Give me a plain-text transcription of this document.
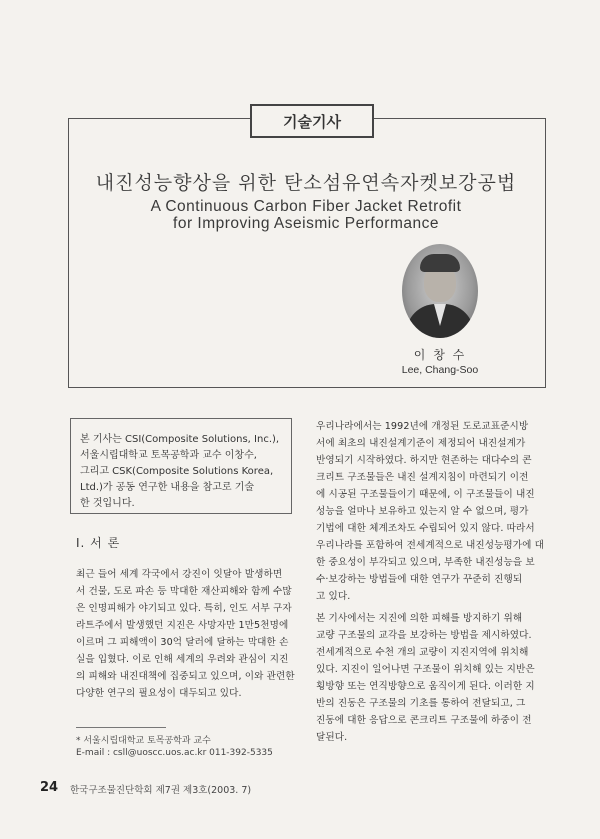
기술기사
내진성능향상을 위한 탄소섬유연속자켓보강공법
A Continuous Carbon Fiber Jacket Retrofit
for Improving Aseismic Performance
이 창 수
Lee, Chang-Soo
본 기사는 CSI(Composite Solutions, Inc.),
서울시립대학교 토목공학과 교수 이창수,
그리고 CSK(Composite Solutions Korea,
Ltd.)가 공동 연구한 내용을 참고로 기술
한 것입니다.
I. 서 론
최근 들어 세계 각국에서 강진이 잇달아 발생하면
서 건물, 도로 파손 등 막대한 재산피해와 함께 수많
은 인명피해가 야기되고 있다. 특히, 인도 서부 구자
라트주에서 발생했던 지진은 사망자만 1만5천명에
이르며 그 피해액이 30억 달러에 달하는 막대한 손
실을 입혔다. 이로 인해 세계의 우려와 관심이 지진
의 피해와 내진대책에 집중되고 있으며, 이와 관련한
다양한 연구의 필요성이 대두되고 있다.
우리나라에서는 1992년에 개정된 도로교표준시방
서에 최초의 내진설계기준이 제정되어 내진설계가
반영되기 시작하였다. 하지만 현존하는 대다수의 콘
크리트 구조물들은 내진 설계지침이 마련되기 이전
에 시공된 구조물들이기 때문에, 이 구조물들이 내진
성능을 얼마나 보유하고 있는지 알 수 없으며, 평가
기법에 대한 체계조차도 수립되어 있지 않다. 따라서
우리나라를 포함하여 전세계적으로 내진성능평가에 대
한 중요성이 부각되고 있으며, 부족한 내진성능을 보
수·보강하는 방법들에 대한 연구가 꾸준히 진행되
고 있다.
본 기사에서는 지진에 의한 피해를 방지하기 위해
교량 구조물의 교각을 보강하는 방법을 제시하였다.
전세계적으로 수천 개의 교량이 지진지역에 위치해
있다. 지진이 일어나면 구조물이 위치해 있는 지반은
횡방향 또는 연직방향으로 움직이게 된다. 이러한 지
반의 진동은 구조물의 기초를 통하여 전달되고, 그
진동에 대한 응답으로 콘크리트 구조물에 하중이 전
달된다.
* 서울시립대학교 토목공학과 교수
E-mail : csll@uoscc.uos.ac.kr 011-392-5335
24 한국구조물진단학회 제7권 제3호(2003. 7)
